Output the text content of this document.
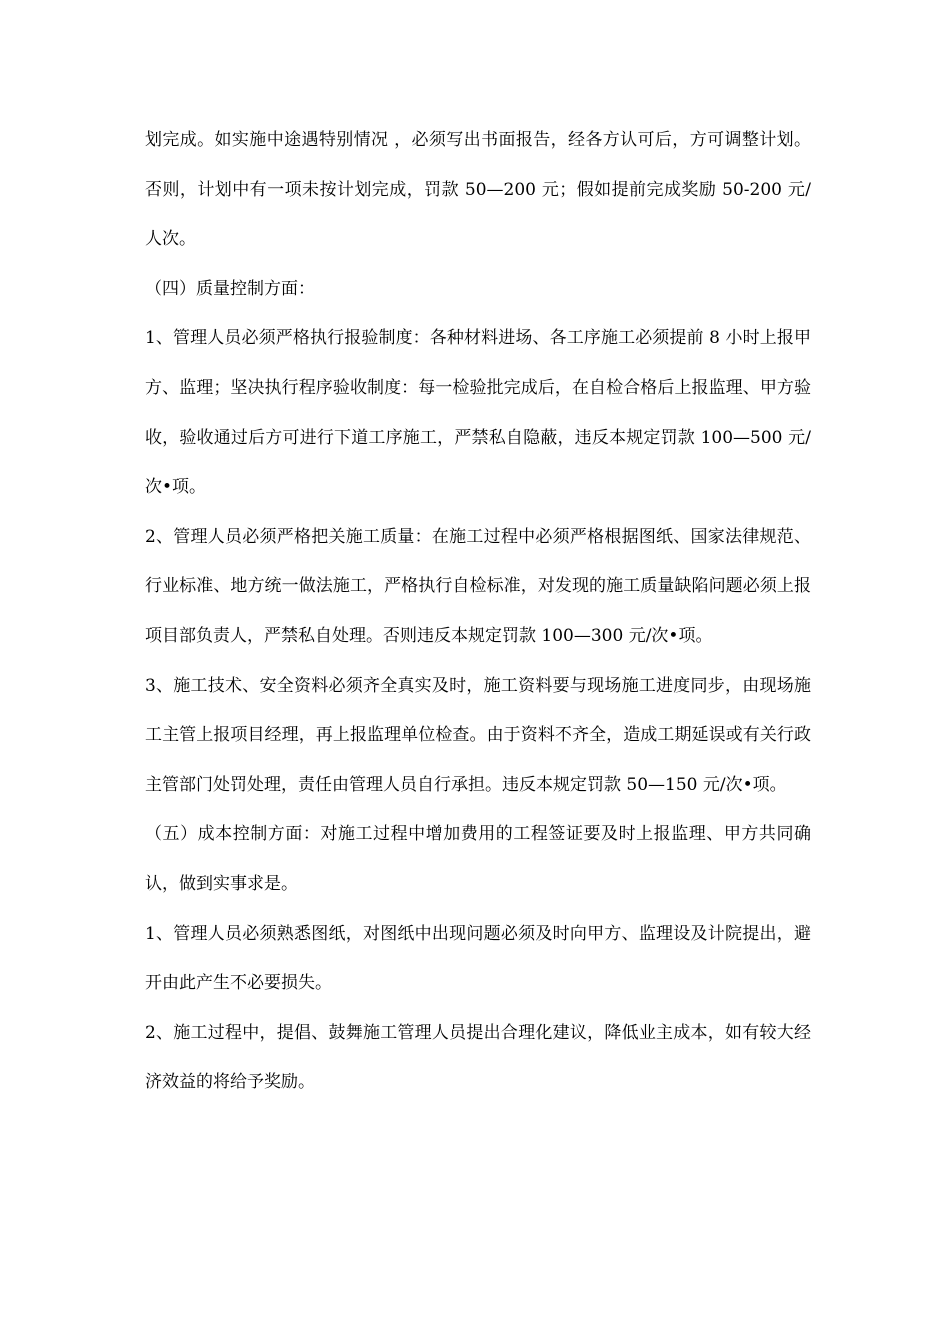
划完成。如实施中途遇特别情况 ，必须写出书面报告，经各方认可后，方可调整计划。否则，计划中有一项未按计划完成，罚款 50—200 元；假如提前完成奖励 50-200 元/人次。

（四）质量控制方面：

1、管理人员必须严格执行报验制度：各种材料进场、各工序施工必须提前 8 小时上报甲方、监理；坚决执行程序验收制度：每一检验批完成后，在自检合格后上报监理、甲方验收，验收通过后方可进行下道工序施工，严禁私自隐蔽，违反本规定罚款 100—500 元/次•项。

2、管理人员必须严格把关施工质量：在施工过程中必须严格根据图纸、国家法律规范、行业标准、地方统一做法施工，严格执行自检标准，对发现的施工质量缺陷问题必须上报项目部负责人，严禁私自处理。否则违反本规定罚款 100—300 元/次•项。

3、施工技术、安全资料必须齐全真实及时，施工资料要与现场施工进度同步，由现场施工主管上报项目经理，再上报监理单位检查。由于资料不齐全，造成工期延误或有关行政主管部门处罚处理，责任由管理人员自行承担。违反本规定罚款 50—150 元/次•项。

（五）成本控制方面：对施工过程中增加费用的工程签证要及时上报监理、甲方共同确认，做到实事求是。

1、管理人员必须熟悉图纸，对图纸中出现问题必须及时向甲方、监理设及计院提出，避开由此产生不必要损失。

2、施工过程中，提倡、鼓舞施工管理人员提出合理化建议，降低业主成本，如有较大经济效益的将给予奖励。
